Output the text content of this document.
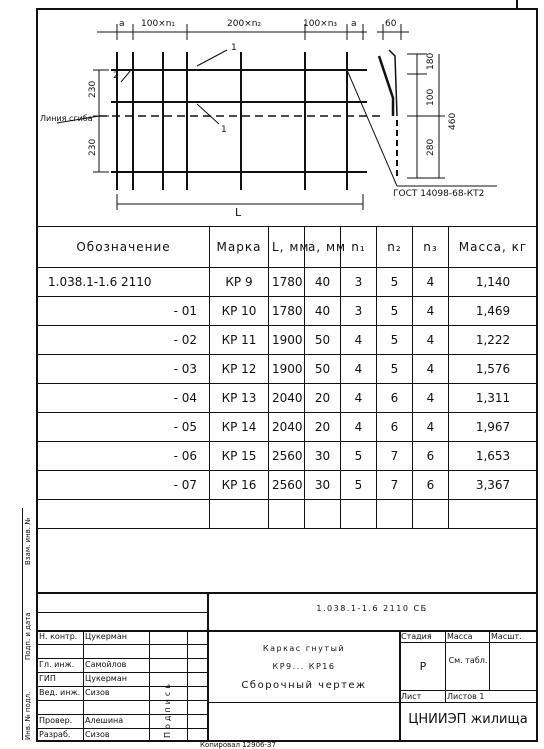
a 100×n₁	200×n₂	100×n₃ a	60
1
2
1
L
ГОСТ 14098-68-КТ2
230
230
180
100
460
280
Линия сгиба
Обозначение	Марка	L, мм	a, мм	n₁	n₂	n₃	Масса, кг
1.038.1-1.6 2110	КР 9	1780	40	3	5	4	1,140
- 01	КР 10	1780	40	3	5	4	1,469
- 02	КР 11	1900	50	4	5	4	1,222
- 03	КР 12	1900	50	4	5	4	1,576
- 04	КР 13	2040	20	4	6	4	1,311
- 05	КР 14	2040	20	4	6	4	1,967
- 06	КР 15	2560	30	5	7	6	1,653
- 07	КР 16	2560	30	5	7	6	3,367

Инв. № подл.
Подп. и дата
Взам. инв. №
1.038.1-1.6 2110 СБ
Каркас гнутый
КР9... КР16
Сборочный чертеж
Стадия	Масса	Масшт.
Р	См. табл.
Лист	Листов 1
ЦНИИЭП жилища
Н. контр. Цукерман
Гл. инж. Самойлов
ГИП	Цукерман
Вед. инж. Сизов
Провер. Алешина
Разраб. Сизов	Подпись
Копировал 12906-37
